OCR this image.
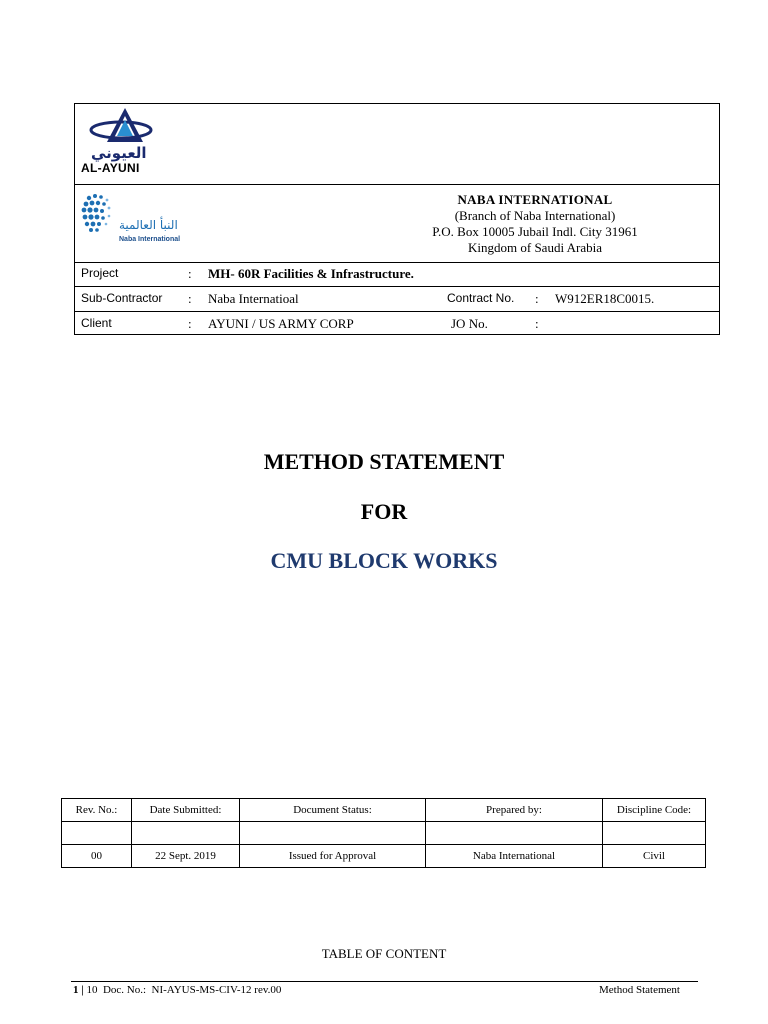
العيوني
AL-AYUNI
النبأ العالمية
Naba International
NABA INTERNATIONAL
(Branch of Naba International)
P.O. Box 10005 Jubail Indl. City 31961
Kingdom of Saudi Arabia
Project	: MH- 60R Facilities & Infrastructure.
Sub-Contractor : Naba Internatioal	Contract No. : W912ER18C0015.
Client	: AYUNI / US ARMY CORP	JO No.	:
METHOD STATEMENT
FOR
CMU BLOCK WORKS
Rev. No.:	Date Submitted:	Document Status:	Prepared by:	Discipline Code:

00	22 Sept. 2019	Issued for Approval	Naba International	Civil
TABLE OF CONTENT
1 | 10 Doc. No.: NI-AYUS-MS-CIV-12 rev.00	Method Statement
